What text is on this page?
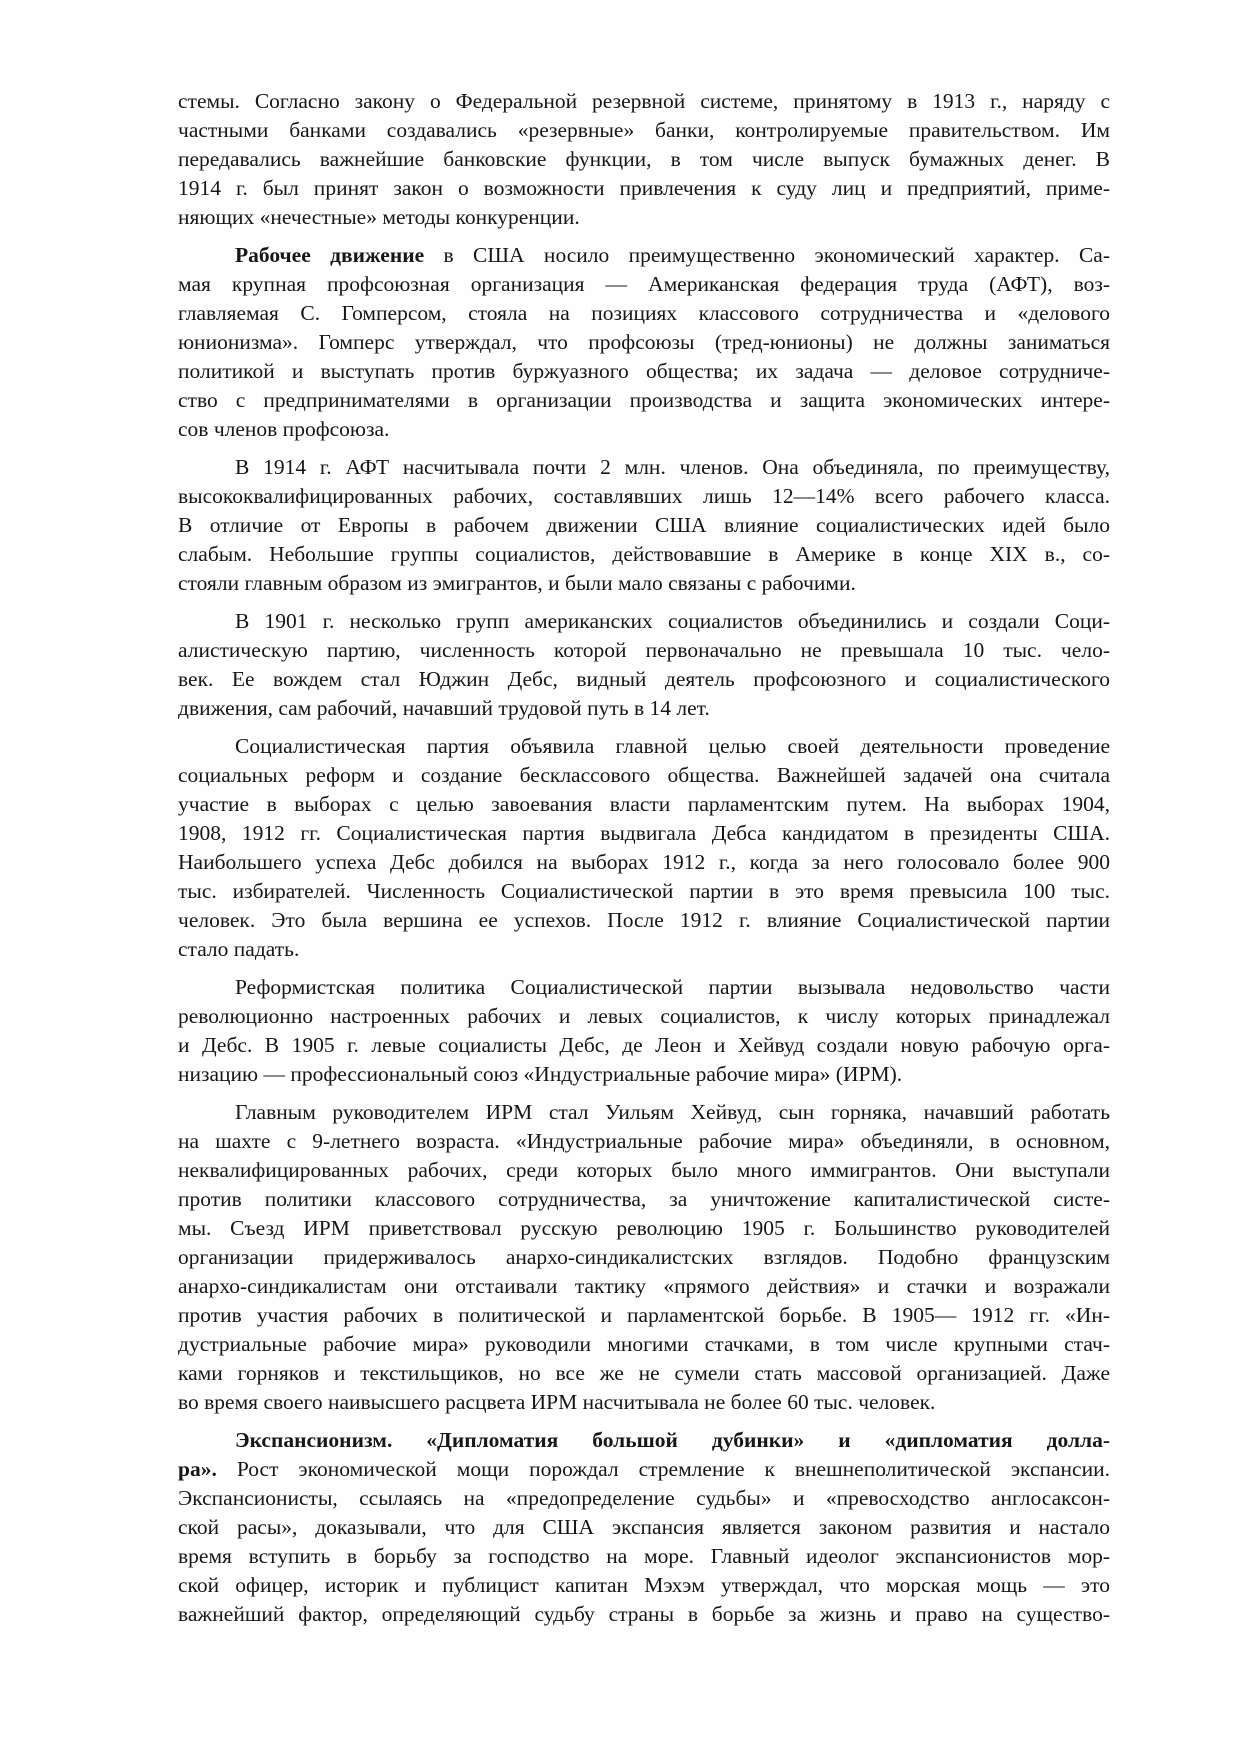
стемы. Согласно закону о Федеральной резервной системе, принятому в 1913 г., наряду с
частными банками создавались «резервные» банки, контролируемые правительством. Им
передавались важнейшие банковские функции, в том числе выпуск бумажных денег. В
1914 г. был принят закон о возможности привлечения к суду лиц и предприятий, приме-
няющих «нечестные» методы конкуренции.
Рабочее движение в США носило преимущественно экономический характер. Са-
мая крупная профсоюзная организация — Американская федерация труда (АФТ), воз-
главляемая С. Гомперсом, стояла на позициях классового сотрудничества и «делового
юнионизма». Гомперс утверждал, что профсоюзы (тред-юнионы) не должны заниматься
политикой и выступать против буржуазного общества; их задача — деловое сотрудниче-
ство с предпринимателями в организации производства и защита экономических интере-
сов членов профсоюза.
В 1914 г. АФТ насчитывала почти 2 млн. членов. Она объединяла, по преимуществу,
высококвалифицированных рабочих, составлявших лишь 12—14% всего рабочего класса.
В отличие от Европы в рабочем движении США влияние социалистических идей было
слабым. Небольшие группы социалистов, действовавшие в Америке в конце XIX в., со-
стояли главным образом из эмигрантов, и были мало связаны с рабочими.
В 1901 г. несколько групп американских социалистов объединились и создали Соци-
алистическую партию, численность которой первоначально не превышала 10 тыс. чело-
век. Ее вождем стал Юджин Дебс, видный деятель профсоюзного и социалистического
движения, сам рабочий, начавший трудовой путь в 14 лет.
Социалистическая партия объявила главной целью своей деятельности проведение
социальных реформ и создание бесклассового общества. Важнейшей задачей она считала
участие в выборах с целью завоевания власти парламентским путем. На выборах 1904,
1908, 1912 гг. Социалистическая партия выдвигала Дебса кандидатом в президенты США.
Наибольшего успеха Дебс добился на выборах 1912 г., когда за него голосовало более 900
тыс. избирателей. Численность Социалистической партии в это время превысила 100 тыс.
человек. Это была вершина ее успехов. После 1912 г. влияние Социалистической партии
стало падать.
Реформистская политика Социалистической партии вызывала недовольство части
революционно настроенных рабочих и левых социалистов, к числу которых принадлежал
и Дебс. В 1905 г. левые социалисты Дебс, де Леон и Хейвуд создали новую рабочую орга-
низацию — профессиональный союз «Индустриальные рабочие мира» (ИРМ).
Главным руководителем ИРМ стал Уильям Хейвуд, сын горняка, начавший работать
на шахте с 9-летнего возраста. «Индустриальные рабочие мира» объединяли, в основном,
неквалифицированных рабочих, среди которых было много иммигрантов. Они выступали
против политики классового сотрудничества, за уничтожение капиталистической систе-
мы. Съезд ИРМ приветствовал русскую революцию 1905 г. Большинство руководителей
организации придерживалось анархо-синдикалистских взглядов. Подобно французским
анархо-синдикалистам они отстаивали тактику «прямого действия» и стачки и возражали
против участия рабочих в политической и парламентской борьбе. В 1905— 1912 гг. «Ин-
дустриальные рабочие мира» руководили многими стачками, в том числе крупными стач-
ками горняков и текстильщиков, но все же не сумели стать массовой организацией. Даже
во время своего наивысшего расцвета ИРМ насчитывала не более 60 тыс. человек.
Экспансионизм. «Дипломатия большой дубинки» и «дипломатия долла-
ра». Рост экономической мощи порождал стремление к внешнеполитической экспансии.
Экспансионисты, ссылаясь на «предопределение судьбы» и «превосходство англосаксон-
ской расы», доказывали, что для США экспансия является законом развития и настало
время вступить в борьбу за господство на море. Главный идеолог экспансионистов мор-
ской офицер, историк и публицист капитан Мэхэм утверждал, что морская мощь — это
важнейший фактор, определяющий судьбу страны в борьбе за жизнь и право на существо-
